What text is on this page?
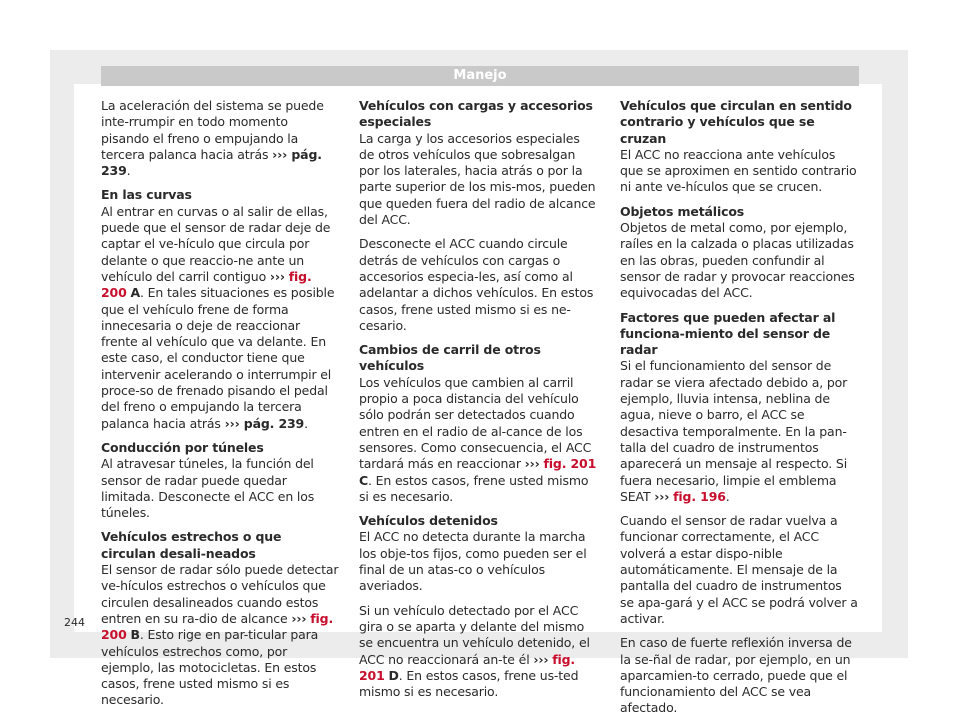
Manejo

La aceleración del sistema se puede inte-rrumpir en todo momento pisando el freno o empujando la tercera palanca hacia atrás ››› pág. 239.

En las curvas

Al entrar en curvas o al salir de ellas, puede que el sensor de radar deje de captar el ve-hículo que circula por delante o que reaccio-ne ante un vehículo del carril contiguo ››› fig. 200 A. En tales situaciones es posible que el vehículo frene de forma innecesaria o deje de reaccionar frente al vehículo que va delante. En este caso, el conductor tiene que intervenir acelerando o interrumpir el proce-so de frenado pisando el pedal del freno o empujando la tercera palanca hacia atrás ››› pág. 239.

Conducción por túneles

Al atravesar túneles, la función del sensor de radar puede quedar limitada. Desconecte el ACC en los túneles.

Vehículos estrechos o que circulan desali-neados

El sensor de radar sólo puede detectar ve-hículos estrechos o vehículos que circulen desalineados cuando estos entren en su ra-dio de alcance ››› fig. 200 B. Esto rige en par-ticular para vehículos estrechos como, por ejemplo, las motocicletas. En estos casos, frene usted mismo si es necesario.

Vehículos con cargas y accesorios especiales

La carga y los accesorios especiales de otros vehículos que sobresalgan por los laterales, hacia atrás o por la parte superior de los mis-mos, pueden que queden fuera del radio de alcance del ACC.

Desconecte el ACC cuando circule detrás de vehículos con cargas o accesorios especia-les, así como al adelantar a dichos vehículos. En estos casos, frene usted mismo si es ne-cesario.

Cambios de carril de otros vehículos

Los vehículos que cambien al carril propio a poca distancia del vehículo sólo podrán ser detectados cuando entren en el radio de al-cance de los sensores. Como consecuencia, el ACC tardará más en reaccionar ››› fig. 201 C. En estos casos, frene usted mismo si es necesario.

Vehículos detenidos

El ACC no detecta durante la marcha los obje-tos fijos, como pueden ser el final de un atas-co o vehículos averiados.

Si un vehículo detectado por el ACC gira o se aparta y delante del mismo se encuentra un vehículo detenido, el ACC no reaccionará an-te él ››› fig. 201 D. En estos casos, frene us-ted mismo si es necesario.

Vehículos que circulan en sentido contrario y vehículos que se cruzan

El ACC no reacciona ante vehículos que se aproximen en sentido contrario ni ante ve-hículos que se crucen.

Objetos metálicos

Objetos de metal como, por ejemplo, raíles en la calzada o placas utilizadas en las obras, pueden confundir al sensor de radar y provocar reacciones equivocadas del ACC.

Factores que pueden afectar al funciona-miento del sensor de radar

Si el funcionamiento del sensor de radar se viera afectado debido a, por ejemplo, lluvia intensa, neblina de agua, nieve o barro, el ACC se desactiva temporalmente. En la pan-talla del cuadro de instrumentos aparecerá un mensaje al respecto. Si fuera necesario, limpie el emblema SEAT ››› fig. 196.

Cuando el sensor de radar vuelva a funcionar correctamente, el ACC volverá a estar dispo-nible automáticamente. El mensaje de la pantalla del cuadro de instrumentos se apa-gará y el ACC se podrá volver a activar.

En caso de fuerte reflexión inversa de la se-ñal de radar, por ejemplo, en un aparcamien-to cerrado, puede que el funcionamiento del ACC se vea afectado.

244
